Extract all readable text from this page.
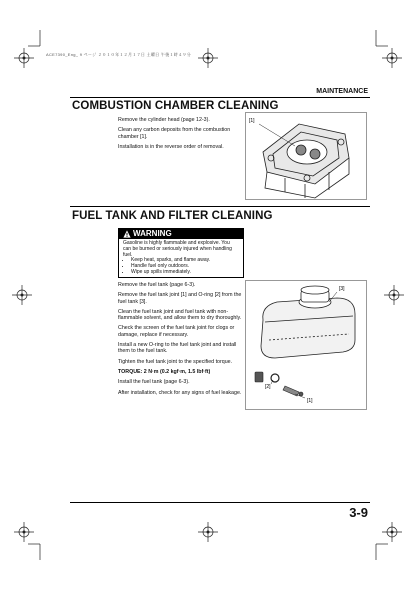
ACE7390_Eng_ 9 ページ ２０１０年１２月１７日 土曜日 午後１時４９分
MAINTENANCE
COMBUSTION CHAMBER CLEANING

Remove the cylinder head (page 12-3).

Clean any carbon deposits from the combustion chamber [1].

Installation is in the reverse order of removal.

[1]
FUEL TANK AND FILTER CLEANING
WARNING
Gasoline is highly flammable and explosive. You can be burned or seriously injured when handling fuel.
• Keep heat, sparks, and flame away.
• Handle fuel only outdoors.
• Wipe up spills immediately.

Remove the fuel tank (page 6-3).

Remove the fuel tank joint [1] and O-ring [2] from the fuel tank [3].

Clean the fuel tank joint and fuel tank with non-flammable solvent, and allow them to dry thoroughly.

Check the screen of the fuel tank joint for clogs or damage, replace if necessary.

Install a new O-ring to the fuel tank joint and install them to the fuel tank.

Tighten the fuel tank joint to the specified torque.

TORQUE: 2 N·m (0.2 kgf·m, 1.5 lbf·ft)

Install the fuel tank (page 6-3).

After installation, check for any signs of fuel leakage.

[3]
[2]
[1]
3-9
